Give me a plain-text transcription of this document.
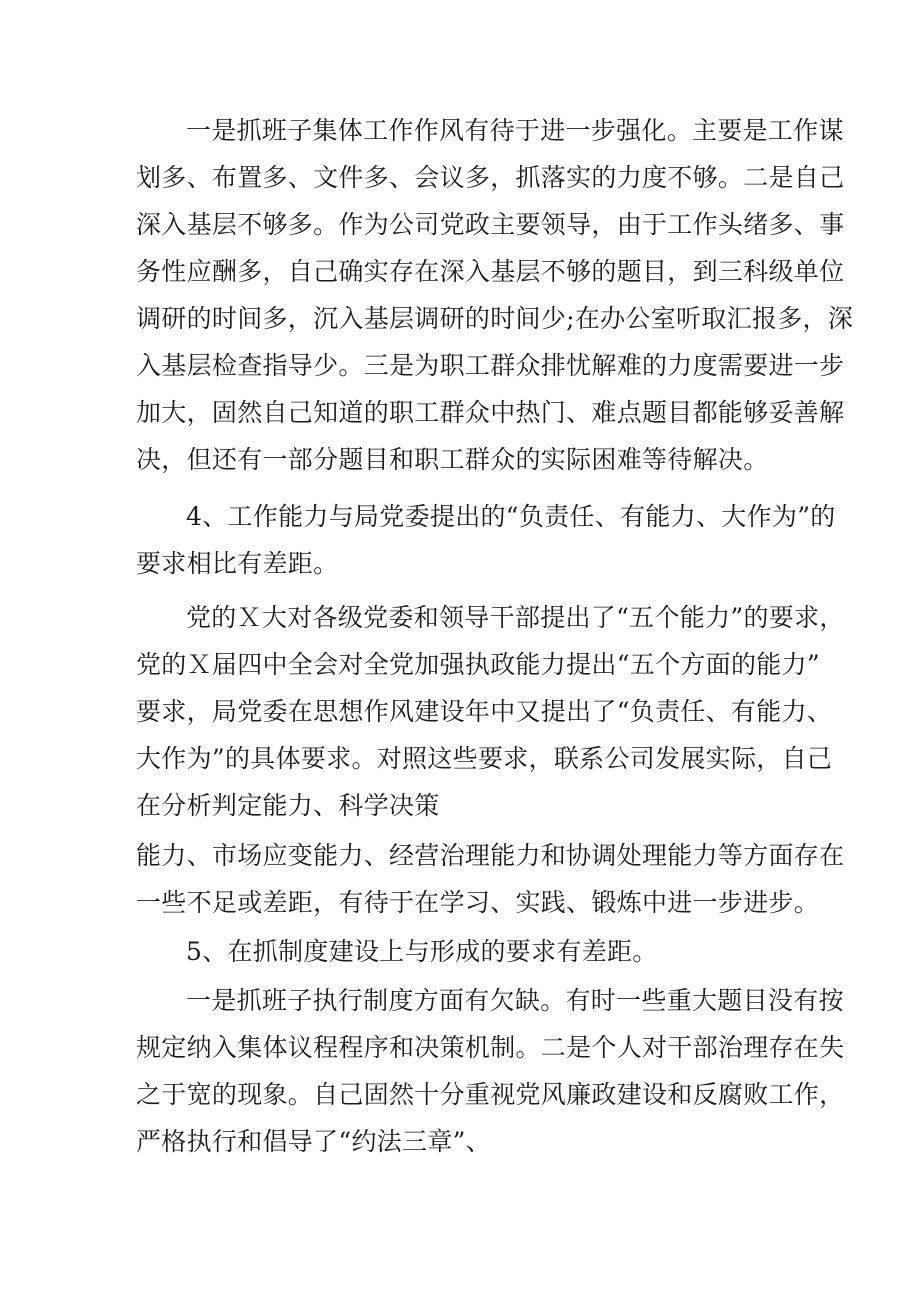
一是抓班子集体工作作风有待于进一步强化。主要是工作谋
划多、布置多、文件多、会议多，抓落实的力度不够。二是自己
深入基层不够多。作为公司党政主要领导，由于工作头绪多、事
务性应酬多，自己确实存在深入基层不够的题目，到三科级单位
调研的时间多，沉入基层调研的时间少;在办公室听取汇报多，深
入基层检查指导少。三是为职工群众排忧解难的力度需要进一步
加大，固然自己知道的职工群众中热门、难点题目都能够妥善解
决，但还有一部分题目和职工群众的实际困难等待解决。
4、工作能力与局党委提出的“负责任、有能力、大作为”的
要求相比有差距。
党的Ｘ大对各级党委和领导干部提出了“五个能力”的要求，
党的Ｘ届四中全会对全党加强执政能力提出“五个方面的能力”
要求，局党委在思想作风建设年中又提出了“负责任、有能力、
大作为”的具体要求。对照这些要求，联系公司发展实际，自己
在分析判定能力、科学决策
能力、市场应变能力、经营治理能力和协调处理能力等方面存在
一些不足或差距，有待于在学习、实践、锻炼中进一步进步。
5、在抓制度建设上与形成的要求有差距。
一是抓班子执行制度方面有欠缺。有时一些重大题目没有按
规定纳入集体议程程序和决策机制。二是个人对干部治理存在失
之于宽的现象。自己固然十分重视党风廉政建设和反腐败工作，
严格执行和倡导了“约法三章”、
